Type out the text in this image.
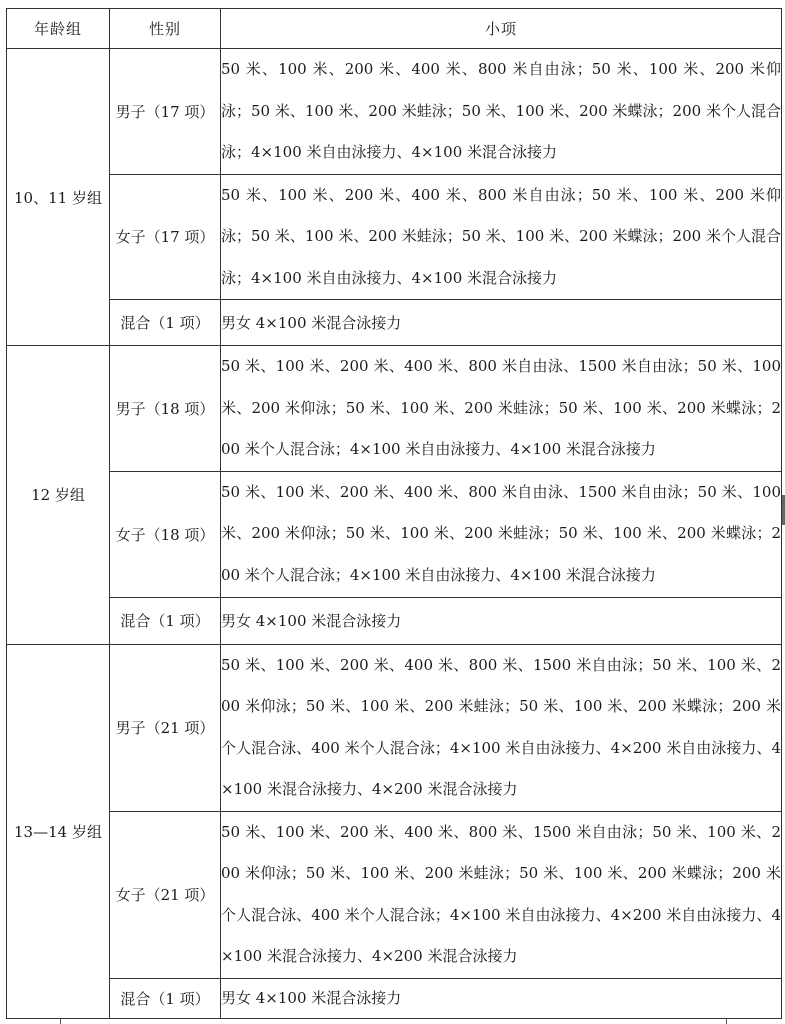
年龄组	性别	小项
10、11 岁组	男子（17 项）	50 米、100 米、200 米、400 米、800 米自由泳；50 米、100 米、200 米仰泳；50 米、100 米、200 米蛙泳；50 米、100 米、200 米蝶泳；200 米个人混合泳；4×100 米自由泳接力、4×100 米混合泳接力
	女子（17 项）	50 米、100 米、200 米、400 米、800 米自由泳；50 米、100 米、200 米仰泳；50 米、100 米、200 米蛙泳；50 米、100 米、200 米蝶泳；200 米个人混合泳；4×100 米自由泳接力、4×100 米混合泳接力
	混合（1 项）	男女 4×100 米混合泳接力
12 岁组	男子（18 项）	50 米、100 米、200 米、400 米、800 米自由泳、1500 米自由泳；50 米、100 米、200 米仰泳；50 米、100 米、200 米蛙泳；50 米、100 米、200 米蝶泳；200 米个人混合泳；4×100 米自由泳接力、4×100 米混合泳接力
	女子（18 项）	50 米、100 米、200 米、400 米、800 米自由泳、1500 米自由泳；50 米、100 米、200 米仰泳；50 米、100 米、200 米蛙泳；50 米、100 米、200 米蝶泳；200 米个人混合泳；4×100 米自由泳接力、4×100 米混合泳接力
	混合（1 项）	男女 4×100 米混合泳接力
13—14 岁组	男子（21 项）	50 米、100 米、200 米、400 米、800 米、1500 米自由泳；50 米、100 米、200 米仰泳；50 米、100 米、200 米蛙泳；50 米、100 米、200 米蝶泳；200 米个人混合泳、400 米个人混合泳；4×100 米自由泳接力、4×200 米自由泳接力、4×100 米混合泳接力、4×200 米混合泳接力
	女子（21 项）	50 米、100 米、200 米、400 米、800 米、1500 米自由泳；50 米、100 米、200 米仰泳；50 米、100 米、200 米蛙泳；50 米、100 米、200 米蝶泳；200 米个人混合泳、400 米个人混合泳；4×100 米自由泳接力、4×200 米自由泳接力、4×100 米混合泳接力、4×200 米混合泳接力
	混合（1 项）	男女 4×100 米混合泳接力
